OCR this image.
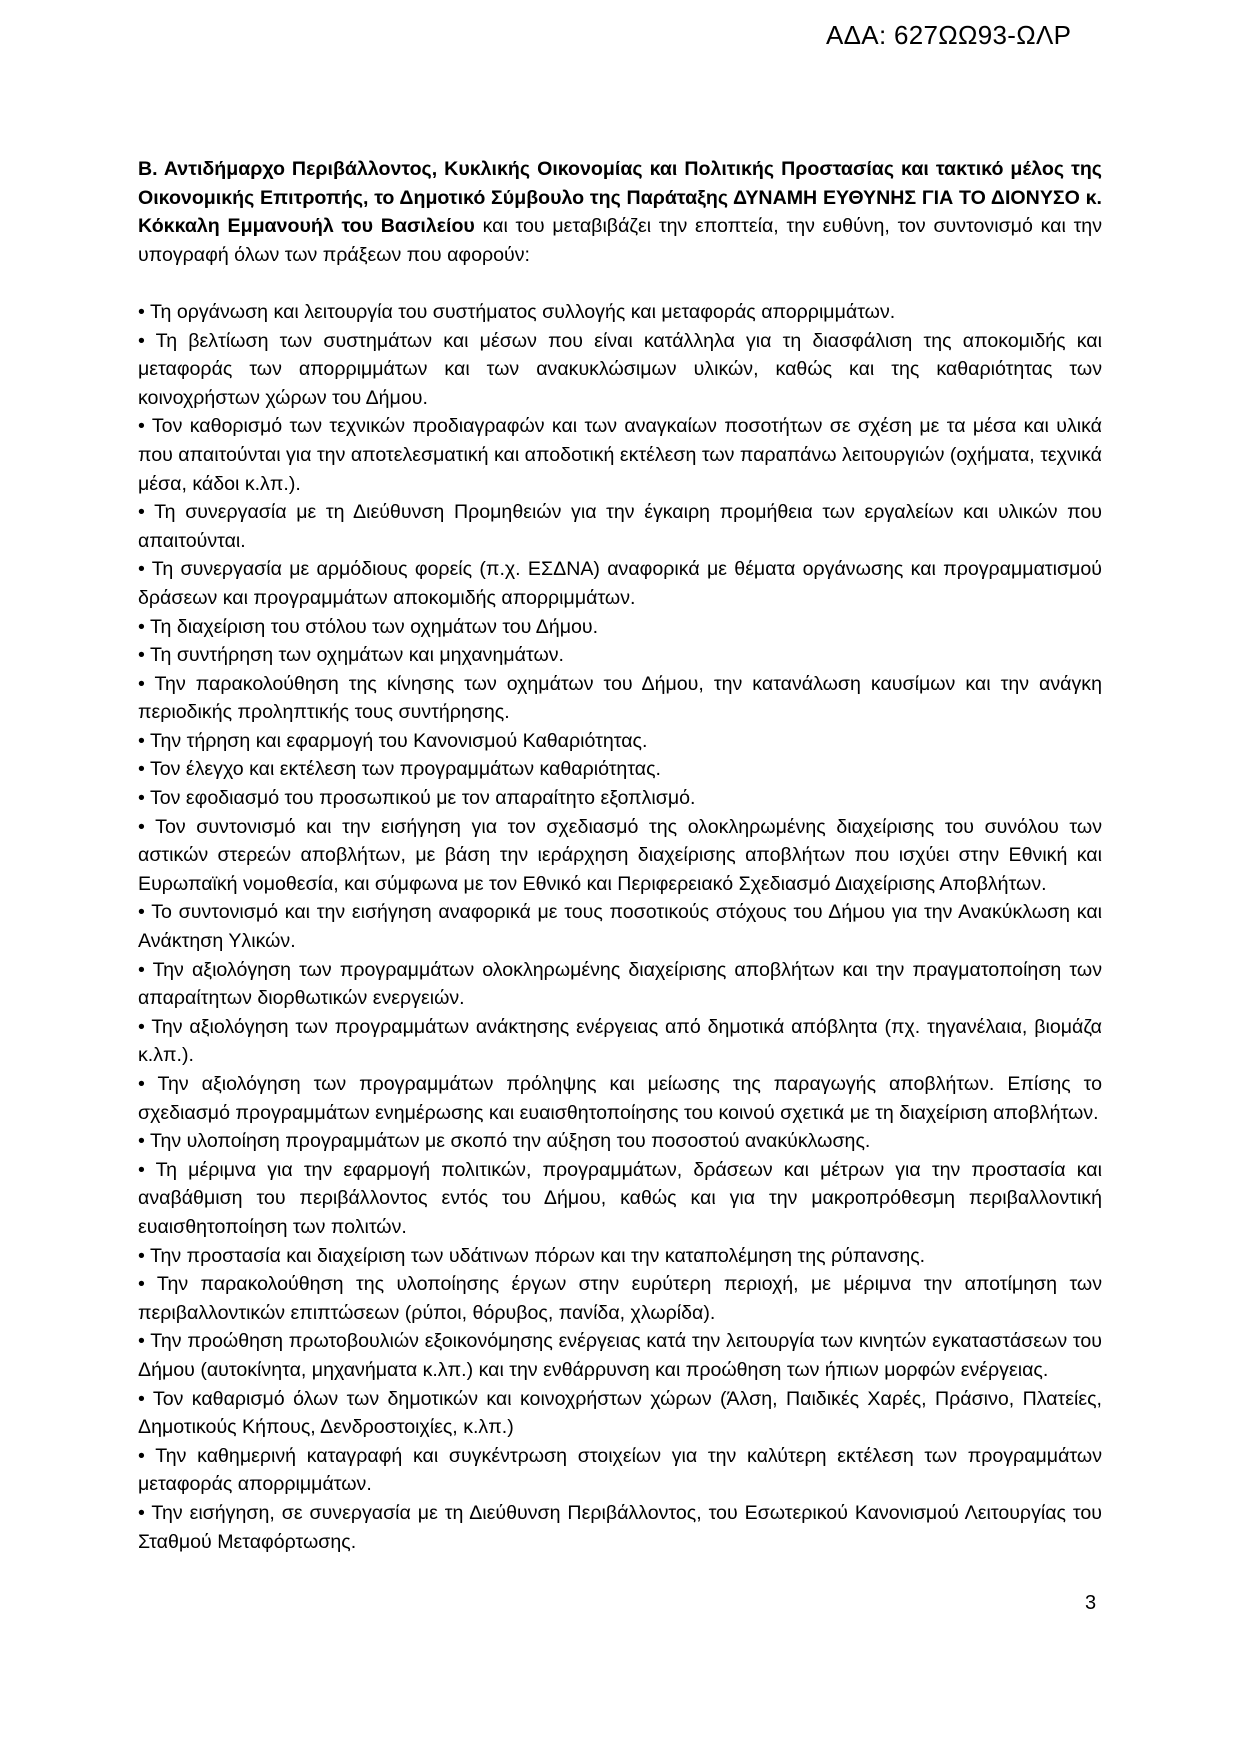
ΑΔΑ: 627ΩΩ93-ΩΛΡ

Β. Αντιδήμαρχο Περιβάλλοντος, Κυκλικής Οικονομίας και Πολιτικής Προστασίας και τακτικό μέλος της Οικονομικής Επιτροπής, το Δημοτικό Σύμβουλο της Παράταξης ΔΥΝΑΜΗ ΕΥΘΥΝΗΣ ΓΙΑ ΤΟ ΔΙΟΝΥΣΟ κ. Κόκκαλη Εμμανουήλ του Βασιλείου και του μεταβιβάζει την εποπτεία, την ευθύνη, τον συντονισμό και την υπογραφή όλων των πράξεων που αφορούν:

• Τη οργάνωση και λειτουργία του συστήματος συλλογής και μεταφοράς απορριμμάτων.
• Τη βελτίωση των συστημάτων και μέσων που είναι κατάλληλα για τη διασφάλιση της αποκομιδής και μεταφοράς των απορριμμάτων και των ανακυκλώσιμων υλικών, καθώς και της καθαριότητας των κοινοχρήστων χώρων του Δήμου.
• Τον καθορισμό των τεχνικών προδιαγραφών και των αναγκαίων ποσοτήτων σε σχέση με τα μέσα και υλικά που απαιτούνται για την αποτελεσματική και αποδοτική εκτέλεση των παραπάνω λειτουργιών (οχήματα, τεχνικά μέσα, κάδοι κ.λπ.).
• Τη συνεργασία με τη Διεύθυνση Προμηθειών για την έγκαιρη προμήθεια των εργαλείων και υλικών που απαιτούνται.
• Τη συνεργασία με αρμόδιους φορείς (π.χ. ΕΣΔΝΑ) αναφορικά με θέματα οργάνωσης και προγραμματισμού δράσεων και προγραμμάτων αποκομιδής απορριμμάτων.
• Τη διαχείριση του στόλου των οχημάτων του Δήμου.
• Τη συντήρηση των οχημάτων και μηχανημάτων.
• Την παρακολούθηση της κίνησης των οχημάτων του Δήμου, την κατανάλωση καυσίμων και την ανάγκη περιοδικής προληπτικής τους συντήρησης.
• Την τήρηση και εφαρμογή του Κανονισμού Καθαριότητας.
• Τον έλεγχο και εκτέλεση των προγραμμάτων καθαριότητας.
• Τον εφοδιασμό του προσωπικού με τον απαραίτητο εξοπλισμό.
• Τον συντονισμό και την εισήγηση για τον σχεδιασμό της ολοκληρωμένης διαχείρισης του συνόλου των αστικών στερεών αποβλήτων, με βάση την ιεράρχηση διαχείρισης αποβλήτων που ισχύει στην Εθνική και Ευρωπαϊκή νομοθεσία, και σύμφωνα με τον Εθνικό και Περιφερειακό Σχεδιασμό Διαχείρισης Αποβλήτων.
• Το συντονισμό και την εισήγηση αναφορικά με τους ποσοτικούς στόχους του Δήμου για την Ανακύκλωση και Ανάκτηση Υλικών.
• Την αξιολόγηση των προγραμμάτων ολοκληρωμένης διαχείρισης αποβλήτων και την πραγματοποίηση των απαραίτητων διορθωτικών ενεργειών.
• Την αξιολόγηση των προγραμμάτων ανάκτησης ενέργειας από δημοτικά απόβλητα (πχ. τηγανέλαια, βιομάζα κ.λπ.).
• Την αξιολόγηση των προγραμμάτων πρόληψης και μείωσης της παραγωγής αποβλήτων. Επίσης το σχεδιασμό προγραμμάτων ενημέρωσης και ευαισθητοποίησης του κοινού σχετικά με τη διαχείριση αποβλήτων.
• Την υλοποίηση προγραμμάτων με σκοπό την αύξηση του ποσοστού ανακύκλωσης.
• Τη μέριμνα για την εφαρμογή πολιτικών, προγραμμάτων, δράσεων και μέτρων για την προστασία και αναβάθμιση του περιβάλλοντος εντός του Δήμου, καθώς και για την μακροπρόθεσμη περιβαλλοντική ευαισθητοποίηση των πολιτών.
• Την προστασία και διαχείριση των υδάτινων πόρων και την καταπολέμηση της ρύπανσης.
• Την παρακολούθηση της υλοποίησης έργων στην ευρύτερη περιοχή, με μέριμνα την αποτίμηση των περιβαλλοντικών επιπτώσεων (ρύποι, θόρυβος, πανίδα, χλωρίδα).
• Την προώθηση πρωτοβουλιών εξοικονόμησης ενέργειας κατά την λειτουργία των κινητών εγκαταστάσεων του Δήμου (αυτοκίνητα, μηχανήματα κ.λπ.) και την ενθάρρυνση και προώθηση των ήπιων μορφών ενέργειας.
• Τον καθαρισμό όλων των δημοτικών και κοινοχρήστων χώρων (Άλση, Παιδικές Χαρές, Πράσινο, Πλατείες, Δημοτικούς Κήπους, Δενδροστοιχίες, κ.λπ.)
• Την καθημερινή καταγραφή και συγκέντρωση στοιχείων για την καλύτερη εκτέλεση των προγραμμάτων μεταφοράς απορριμμάτων.
• Την εισήγηση, σε συνεργασία με τη Διεύθυνση Περιβάλλοντος, του Εσωτερικού Κανονισμού Λειτουργίας του Σταθμού Μεταφόρτωσης.
3
